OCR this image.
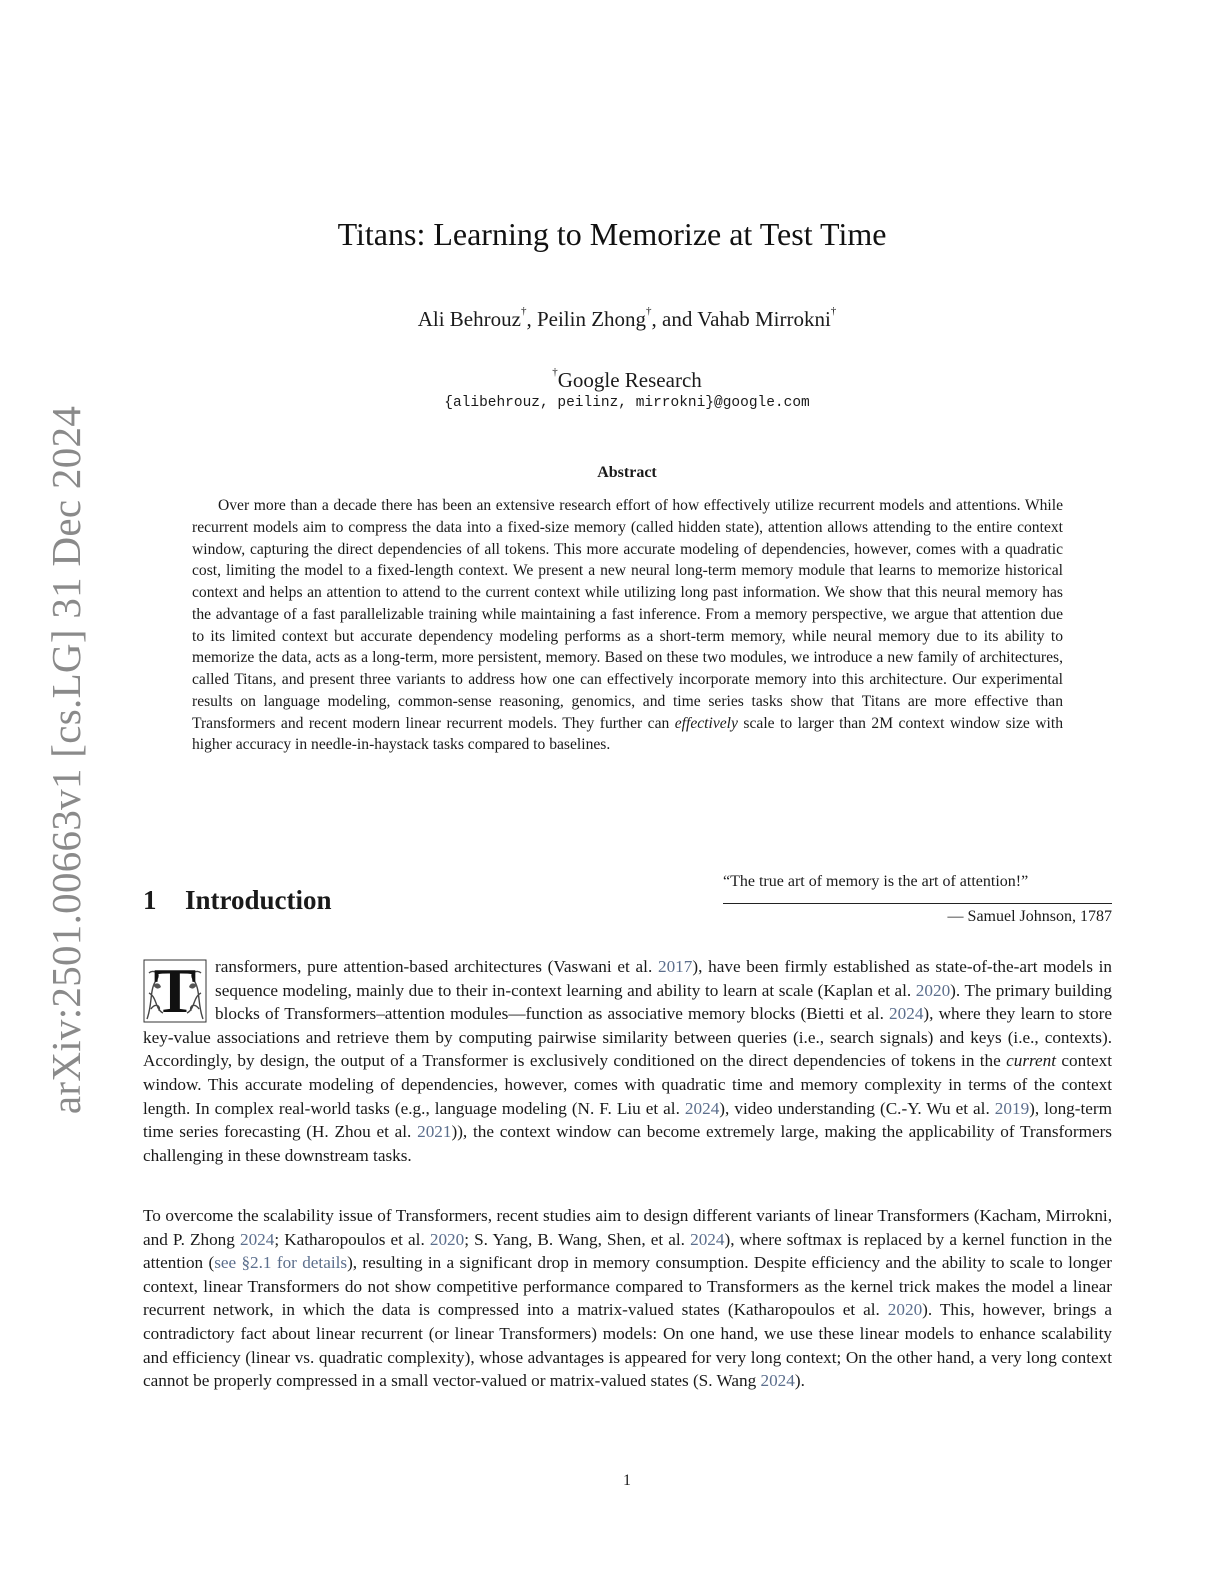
arXiv:2501.00663v1 [cs.LG] 31 Dec 2024
Titans: Learning to Memorize at Test Time
Ali Behrouz†, Peilin Zhong†, and Vahab Mirrokni†
†Google Research
{alibehrouz, peilinz, mirrokni}@google.com
Abstract
Over more than a decade there has been an extensive research effort of how effectively utilize recurrent models and attentions. While recurrent models aim to compress the data into a fixed-size memory (called hidden state), attention allows attending to the entire context window, capturing the direct dependencies of all tokens. This more accurate modeling of dependencies, however, comes with a quadratic cost, limiting the model to a fixed-length context. We present a new neural long-term memory module that learns to memorize historical context and helps an attention to attend to the current context while utilizing long past information. We show that this neural memory has the advantage of a fast parallelizable training while maintaining a fast inference. From a memory perspective, we argue that attention due to its limited context but accurate dependency modeling performs as a short-term memory, while neural memory due to its ability to memorize the data, acts as a long-term, more persistent, memory. Based on these two modules, we introduce a new family of architectures, called Titans, and present three variants to address how one can effectively incorporate memory into this architecture. Our experimental results on language modeling, common-sense reasoning, genomics, and time series tasks show that Titans are more effective than Transformers and recent modern linear recurrent models. They further can effectively scale to larger than 2M context window size with higher accuracy in needle-in-haystack tasks compared to baselines.
1 Introduction
“The true art of memory is the art of attention!”
— Samuel Johnson, 1787
T	ransformers, pure attention-based architectures (Vaswani et al. 2017), have been firmly established as state-of-the-art models in sequence modeling, mainly due to their in-context learning and ability to learn at scale (Kaplan et al. 2020). The primary building blocks of Transformers–attention modules—function as associative memory blocks (Bietti et al. 2024), where they learn to store key-value associations and retrieve them by computing pairwise similarity between queries (i.e., search signals) and keys (i.e., contexts). Accordingly, by design, the output of a Transformer is exclusively conditioned on the direct dependencies of tokens in the current context window. This accurate modeling of dependencies, however, comes with quadratic time and memory complexity in terms of the context length. In complex real-world tasks (e.g., language modeling (N. F. Liu et al. 2024), video understanding (C.-Y. Wu et al. 2019), long-term time series forecasting (H. Zhou et al. 2021)), the context window can become extremely large, making the applicability of Transformers challenging in these downstream tasks.
To overcome the scalability issue of Transformers, recent studies aim to design different variants of linear Transformers (Kacham, Mirrokni, and P. Zhong 2024; Katharopoulos et al. 2020; S. Yang, B. Wang, Shen, et al. 2024), where softmax is replaced by a kernel function in the attention (see §2.1 for details), resulting in a significant drop in memory consumption. Despite efficiency and the ability to scale to longer context, linear Transformers do not show competitive performance compared to Transformers as the kernel trick makes the model a linear recurrent network, in which the data is compressed into a matrix-valued states (Katharopoulos et al. 2020). This, however, brings a contradictory fact about linear recurrent (or linear Transformers) models: On one hand, we use these linear models to enhance scalability and efficiency (linear vs. quadratic complexity), whose advantages is appeared for very long context; On the other hand, a very long context cannot be properly compressed in a small vector-valued or matrix-valued states (S. Wang 2024).
1
